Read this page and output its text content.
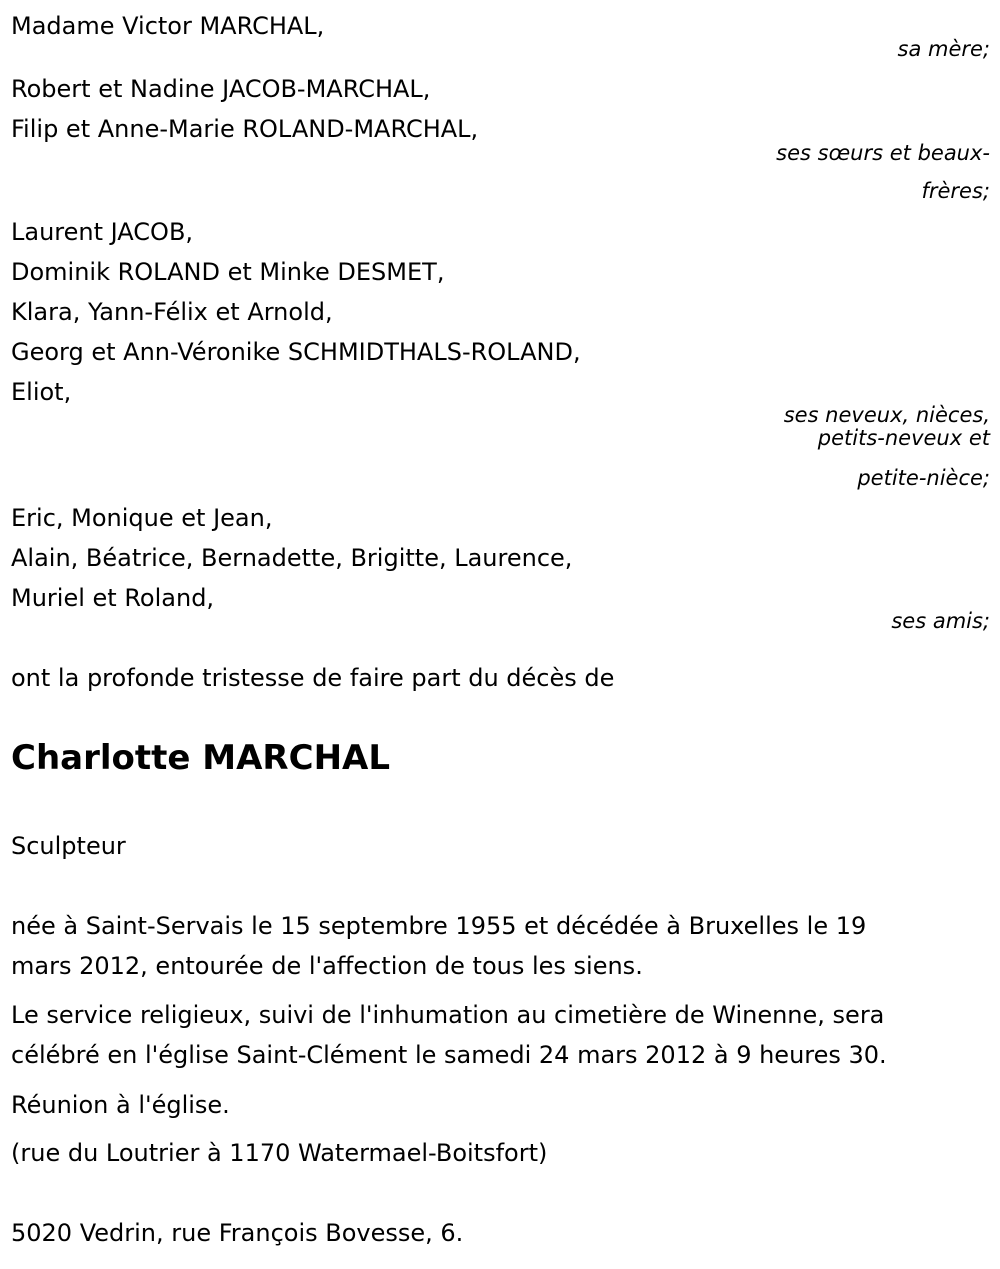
Madame Victor MARCHAL,
sa mère;
Robert et Nadine JACOB-MARCHAL,
Filip et Anne-Marie ROLAND-MARCHAL,
ses sœurs et beaux-
frères;
Laurent JACOB,
Dominik ROLAND et Minke DESMET,
Klara, Yann-Félix et Arnold,
Georg et Ann-Véronike SCHMIDTHALS-ROLAND,
Eliot,
ses neveux, nièces,
petits-neveux et
petite-nièce;
Eric, Monique et Jean,
Alain, Béatrice, Bernadette, Brigitte, Laurence,
Muriel et Roland,
ses amis;
ont la profonde tristesse de faire part du décès de
Charlotte MARCHAL
Sculpteur
née à Saint-Servais le 15 septembre 1955 et décédée à Bruxelles le 19
mars 2012, entourée de l'affection de tous les siens.
Le service religieux, suivi de l'inhumation au cimetière de Winenne, sera
célébré en l'église Saint-Clément le samedi 24 mars 2012 à 9 heures 30.
Réunion à l'église.
(rue du Loutrier à 1170 Watermael-Boitsfort)
5020 Vedrin, rue François Bovesse, 6.
